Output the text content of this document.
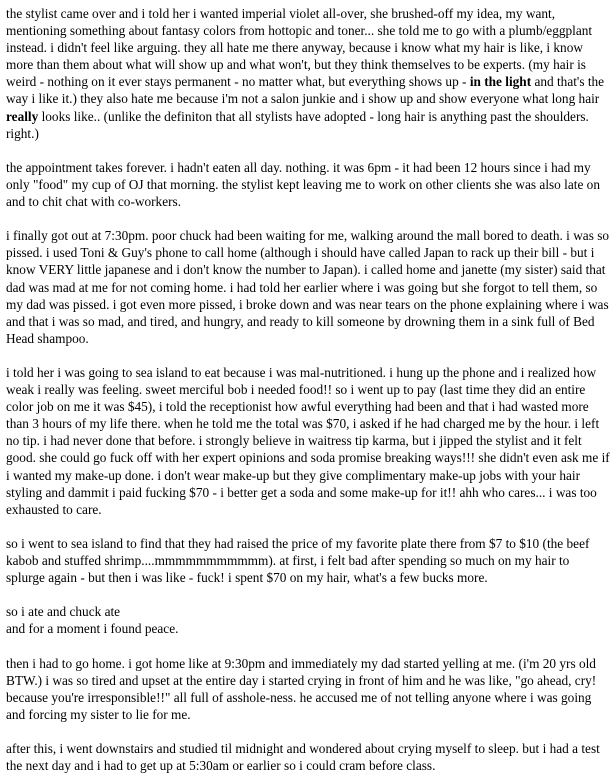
the stylist came over and i told her i wanted imperial violet all-over, she brushed-off my idea, my want, mentioning something about fantasy colors from hottopic and toner... she told me to go with a plumb/eggplant instead. i didn't feel like arguing. they all hate me there anyway, because i know what my hair is like, i know more than them about what will show up and what won't, but they think themselves to be experts. (my hair is weird - nothing on it ever stays permanent - no matter what, but everything shows up - in the light and that's the way i like it.) they also hate me because i'm not a salon junkie and i show up and show everyone what long hair really looks like.. (unlike the definiton that all stylists have adopted - long hair is anything past the shoulders. right.)

the appointment takes forever. i hadn't eaten all day. nothing. it was 6pm - it had been 12 hours since i had my only "food" my cup of OJ that morning. the stylist kept leaving me to work on other clients she was also late on and to chit chat with co-workers.

i finally got out at 7:30pm. poor chuck had been waiting for me, walking around the mall bored to death. i was so pissed. i used Toni & Guy's phone to call home (although i should have called Japan to rack up their bill - but i know VERY little japanese and i don't know the number to Japan). i called home and janette (my sister) said that dad was mad at me for not coming home. i had told her earlier where i was going but she forgot to tell them, so my dad was pissed. i got even more pissed, i broke down and was near tears on the phone explaining where i was and that i was so mad, and tired, and hungry, and ready to kill someone by drowning them in a sink full of Bed Head shampoo.

i told her i was going to sea island to eat because i was mal-nutritioned. i hung up the phone and i realized how weak i really was feeling. sweet merciful bob i needed food!! so i went up to pay (last time they did an entire color job on me it was $45), i told the receptionist how awful everything had been and that i had wasted more than 3 hours of my life there. when he told me the total was $70, i asked if he had charged me by the hour. i left no tip. i had never done that before. i strongly believe in waitress tip karma, but i jipped the stylist and it felt good. she could go fuck off with her expert opinions and soda promise breaking ways!!! she didn't even ask me if i wanted my make-up done. i don't wear make-up but they give complimentary make-up jobs with your hair styling and dammit i paid fucking $70 - i better get a soda and some make-up for it!! ahh who cares... i was too exhausted to care.

so i went to sea island to find that they had raised the price of my favorite plate there from $7 to $10 (the beef kabob and stuffed shrimp....mmmmmmmmmmm). at first, i felt bad after spending so much on my hair to splurge again - but then i was like - fuck! i spent $70 on my hair, what's a few bucks more.

so i ate and chuck ate

and for a moment i found peace.

then i had to go home. i got home like at 9:30pm and immediately my dad started yelling at me. (i'm 20 yrs old BTW.) i was so tired and upset at the entire day i started crying in front of him and he was like, "go ahead, cry! because you're irresponsible!!" all full of asshole-ness. he accused me of not telling anyone where i was going and forcing my sister to lie for me.

after this, i went downstairs and studied til midnight and wondered about crying myself to sleep. but i had a test the next day and i had to get up at 5:30am or earlier so i could cram before class.
